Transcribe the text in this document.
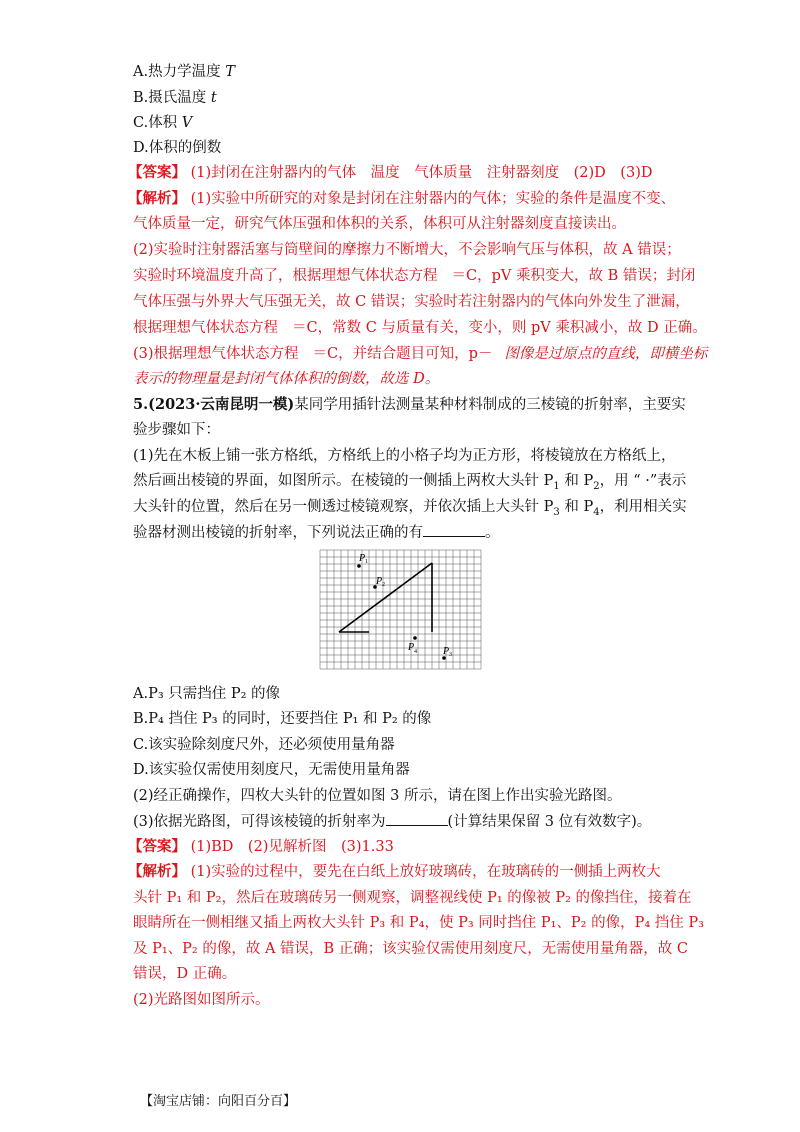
A.热力学温度 T
B.摄氏温度 t
C.体积 V
D.体积的倒数
【答案】 (1)封闭在注射器内的气体　温度　气体质量　注射器刻度　(2)D　(3)D
【解析】 (1)实验中所研究的对象是封闭在注射器内的气体；实验的条件是温度不变、
气体质量一定，研究气体压强和体积的关系，体积可从注射器刻度直接读出。
(2)实验时注射器活塞与筒壁间的摩擦力不断增大，不会影响气压与体积，故 A 错误；
实验时环境温度升高了，根据理想气体状态方程 ＝C，pV 乘积变大，故 B 错误；封闭
气体压强与外界大气压强无关，故 C 错误；实验时若注射器内的气体向外发生了泄漏，
根据理想气体状态方程 ＝C，常数 C 与质量有关，变小，则 pV 乘积减小，故 D 正确。
(3)根据理想气体状态方程 ＝C，并结合题目可知，p－ 图像是过原点的直线，即横坐标
表示的物理量是封闭气体体积的倒数，故选 D。
5.(2023·云南昆明一模)某同学用插针法测量某种材料制成的三棱镜的折射率，主要实
验步骤如下：
(1)先在木板上铺一张方格纸，方格纸上的小格子均为正方形，将棱镜放在方格纸上，
然后画出棱镜的界面，如图所示。在棱镜的一侧插上两枚大头针 $P_1$ 和 $P_2$，用 “ ·”表示
大头针的位置，然后在另一侧透过棱镜观察，并依次插上大头针 $P_3$ 和 $P_4$，利用相关实
验器材测出棱镜的折射率，下列说法正确的有	。
P 1
P 2
P 4	P 3
A.P₃ 只需挡住 P₂ 的像
B.P₄ 挡住 P₃ 的同时，还要挡住 P₁ 和 P₂ 的像
C.该实验除刻度尺外，还必须使用量角器
D.该实验仅需使用刻度尺，无需使用量角器
(2)经正确操作，四枚大头针的位置如图 3 所示，请在图上作出实验光路图。
(3)依据光路图，可得该棱镜的折射率为	(计算结果保留 3 位有效数字)。
【答案】 (1)BD　(2)见解析图　(3)1.33
【解析】 (1)实验的过程中，要先在白纸上放好玻璃砖，在玻璃砖的一侧插上两枚大
头针 P₁ 和 P₂，然后在玻璃砖另一侧观察，调整视线使 P₁ 的像被 P₂ 的像挡住，接着在
眼睛所在一侧相继又插上两枚大头针 P₃ 和 P₄，使 P₃ 同时挡住 P₁、P₂ 的像，P₄ 挡住 P₃
及 P₁、P₂ 的像，故 A 错误，B 正确；该实验仅需使用刻度尺，无需使用量角器，故 C
错误，D 正确。
(2)光路图如图所示。
【淘宝店铺：向阳百分百】
